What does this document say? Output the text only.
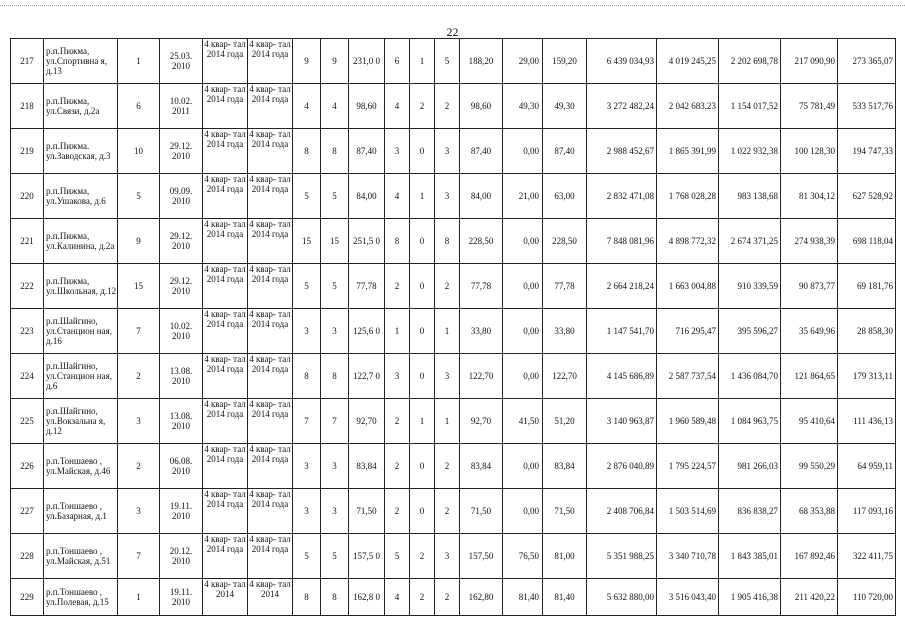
22
217	р.п.Пижма, ул.Спортивна я, д.13	1	25.03. 2010	4 квар- тал 2014 года	4 квар- тал 2014 года	9	9	231,0 0	6	1	5	188,20	29,00	159,20	6 439 034,93	4 019 245,25	2 202 698,78	217 090,90	273 365,07
218	р.п.Пижма, ул.Связи, д.2а	6	10.02. 2011	4 квар- тал 2014 года	4 квар- тал 2014 года	4	4	98,60	4	2	2	98,60	49,30	49,30	3 272 482,24	2 042 683,23	1 154 017,52	75 781,49	533 517,76
219	р.п.Пижма. ул.Заводская, д.3	10	29.12. 2010	4 квар- тал 2014 года	4 квар- тал 2014 года	8	8	87,40	3	0	3	87,40	0,00	87,40	2 988 452,67	1 865 391,99	1 022 932,38	100 128,30	194 747,33
220	р.п.Пижма, ул.Ушакова, д.6	5	09.09. 2010	4 квар- тал 2014 года	4 квар- тал 2014 года	5	5	84,00	4	1	3	84,00	21,00	63,00	2 832 471,08	1 768 028,28	983 138,68	81 304,12	627 528,92
221	р.п.Пижма, ул.Калинина, д.2а	9	29.12. 2010	4 квар- тал 2014 года	4 квар- тал 2014 года	15	15	251,5 0	8	0	8	228,50	0,00	228,50	7 848 081,96	4 898 772,32	2 674 371,25	274 938,39	698 118,04
222	р.п.Пижма, ул.Школьная, д.12	15	29.12. 2010	4 квар- тал 2014 года	4 квар- тал 2014 года	5	5	77,78	2	0	2	77,78	0,00	77,78	2 664 218,24	1 663 004,88	910 339,59	90 873,77	69 181,76
223	р.п.Шайгино, ул.Станцион ная, д.16	7	10.02. 2010	4 квар- тал 2014 года	4 квар- тал 2014 года	3	3	125,6 0	1	0	1	33,80	0,00	33,80	1 147 541,70	716 295,47	395 596,27	35 649,96	28 858,30
224	р.п.Шайгино, ул.Станцион ная, д.6	2	13.08. 2010	4 квар- тал 2014 года	4 квар- тал 2014 года	8	8	122,7 0	3	0	3	122,70	0,00	122,70	4 145 686,89	2 587 737,54	1 436 084,70	121 864,65	179 313,11
225	р.п.Шайгино, ул.Вокзальна я, д.12	3	13.08. 2010	4 квар- тал 2014 года	4 квар- тал 2014 года	7	7	92,70	2	1	1	92,70	41,50	51,20	3 140 963,87	1 960 589,48	1 084 963,75	95 410,64	111 436,13
226	р.п.Тоншаево , ул.Майская, д.46	2	06.08. 2010	4 квар- тал 2014 года	4 квар- тал 2014 года	3	3	83,84	2	0	2	83,84	0,00	83,84	2 876 040,89	1 795 224,57	981 266,03	99 550,29	64 959,11
227	р.п.Тоншаево , ул.Базарная, д.1	3	19.11. 2010	4 квар- тал 2014 года	4 квар- тал 2014 года	3	3	71,50	2	0	2	71,50	0,00	71,50	2 408 706,84	1 503 514,69	836 838,27	68 353,88	117 093,16
228	р.п.Тоншаево , ул.Майская, д.51	7	20.12. 2010	4 квар- тал 2014 года	4 квар- тал 2014 года	5	5	157,5 0	5	2	3	157,50	76,50	81,00	5 351 988,25	3 340 710,78	1 843 385,01	167 892,46	322 411,75
229	р.п.Тоншаево , ул.Полевая, д.15	1	19.11. 2010	4 квар- тал 2014	4 квар- тал 2014	8	8	162,8 0	4	2	2	162,80	81,40	81,40	5 632 880,00	3 516 043,40	1 905 416,38	211 420,22	110 720,00
